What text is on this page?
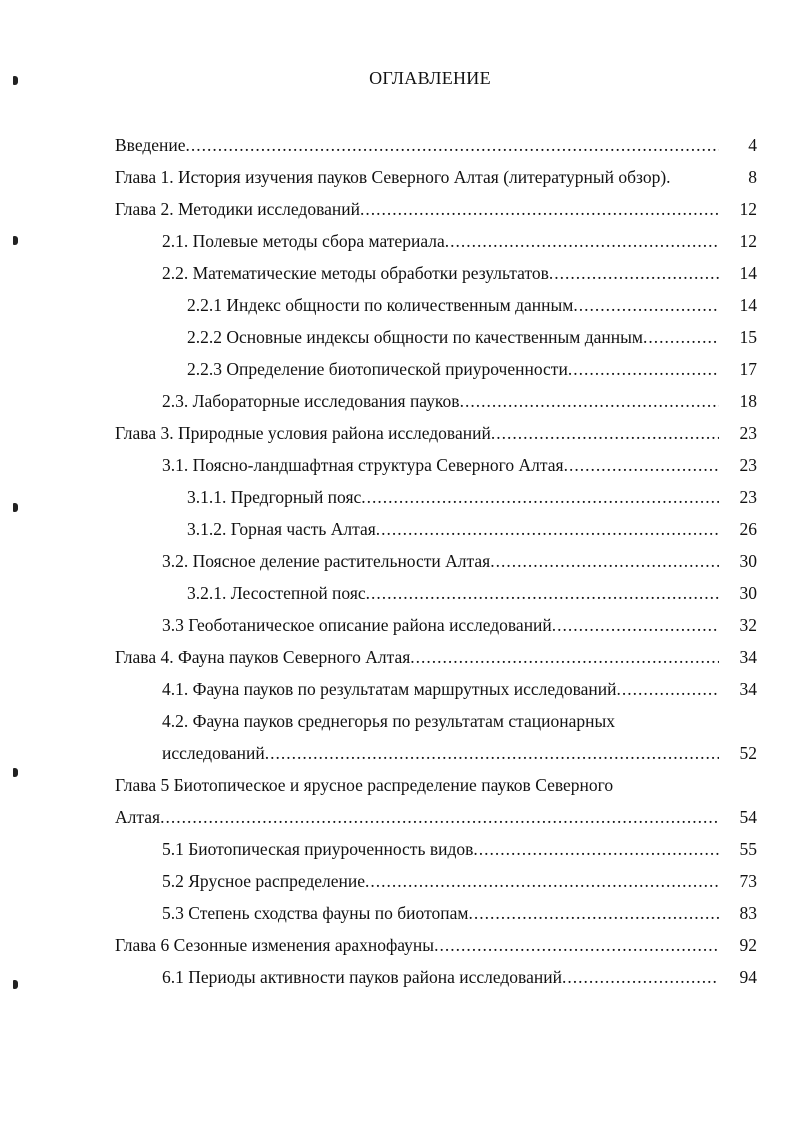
ОГЛАВЛЕНИЕ
Введение .....	4
Глава 1. История изучения пауков Северного Алтая (литературный обзор).	8
Глава 2. Методики исследований .....	12
2.1. Полевые методы сбора материала .....	12
2.2. Математические методы обработки результатов .....	14
2.2.1 Индекс общности по количественным данным .....	14
2.2.2 Основные индексы общности по качественным данным .....	15
2.2.3 Определение биотопической приуроченности .....	17
2.3. Лабораторные исследования пауков .....	18
Глава 3. Природные условия района исследований .....	23
3.1. Поясно-ландшафтная структура Северного Алтая .....	23
3.1.1. Предгорный пояс .....	23
3.1.2. Горная часть Алтая .....	26
3.2. Поясное деление растительности Алтая .....	30
3.2.1. Лесостепной пояс .....	30
3.3 Геоботаническое описание района исследований .....	32
Глава 4. Фауна пауков Северного Алтая .....	34
4.1. Фауна пауков по результатам маршрутных исследований .....	34
4.2. Фауна пауков среднегорья по результатам стационарных
исследований .....	52
Глава 5 Биотопическое и ярусное распределение пауков Северного
Алтая .....	54
5.1 Биотопическая приуроченность видов .....	55
5.2 Ярусное распределение .....	73
5.3 Степень сходства фауны по биотопам .....	83
Глава 6 Сезонные изменения арахнофауны .....	92
6.1 Периоды активности пауков района исследований .....	94
